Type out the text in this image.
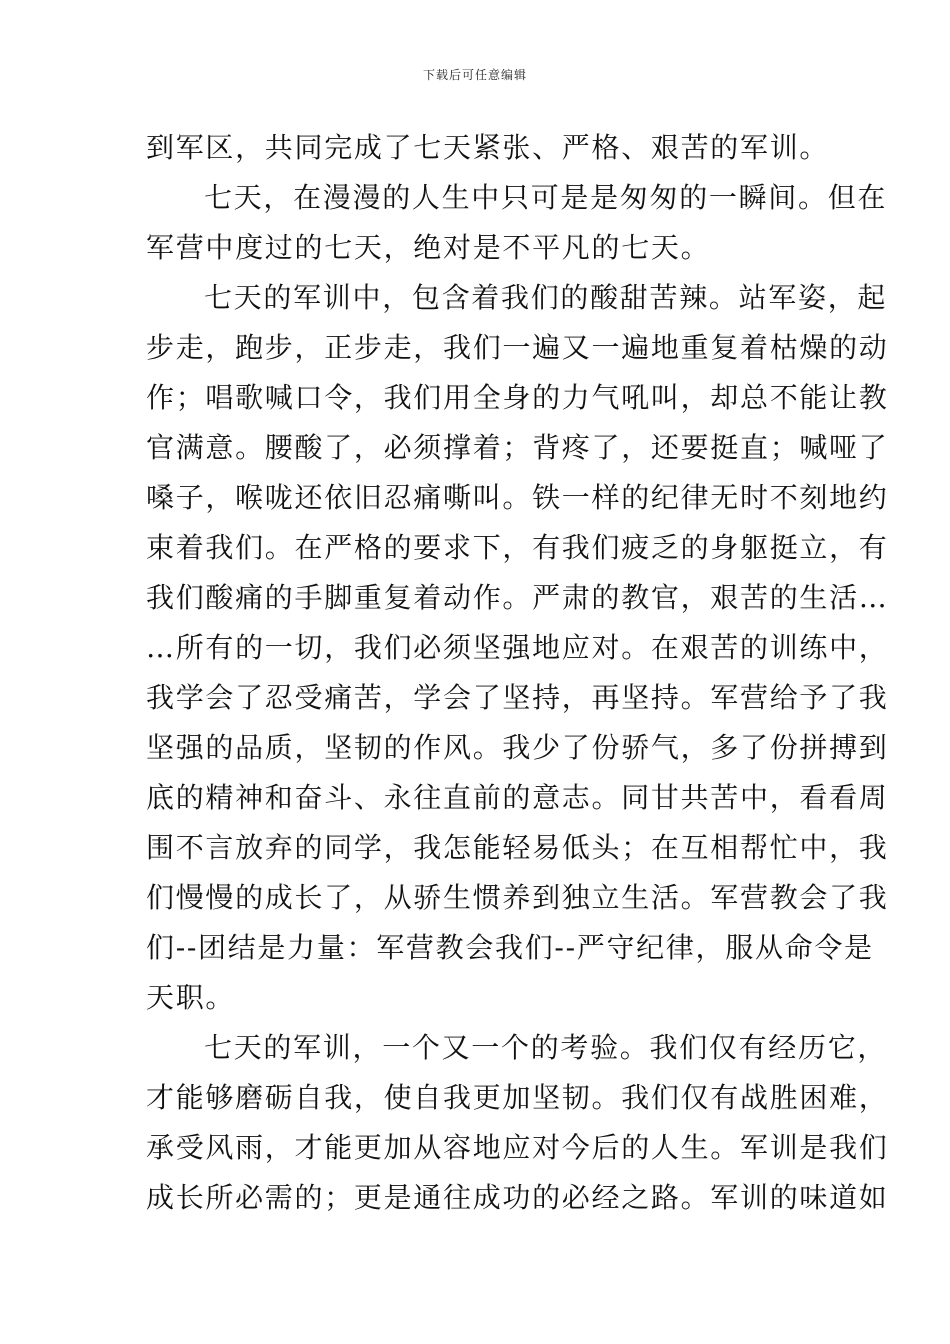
下载后可任意编辑
到军区，共同完成了七天紧张、严格、艰苦的军训。
七天，在漫漫的人生中只可是是匆匆的一瞬间。但在
军营中度过的七天，绝对是不平凡的七天。
七天的军训中，包含着我们的酸甜苦辣。站军姿，起
步走，跑步，正步走，我们一遍又一遍地重复着枯燥的动
作；唱歌喊口令，我们用全身的力气吼叫，却总不能让教
官满意。腰酸了，必须撑着；背疼了，还要挺直；喊哑了
嗓子，喉咙还依旧忍痛嘶叫。铁一样的纪律无时不刻地约
束着我们。在严格的要求下，有我们疲乏的身躯挺立，有
我们酸痛的手脚重复着动作。严肃的教官，艰苦的生活…
…所有的一切，我们必须坚强地应对。在艰苦的训练中，
我学会了忍受痛苦，学会了坚持，再坚持。军营给予了我
坚强的品质，坚韧的作风。我少了份骄气，多了份拼搏到
底的精神和奋斗、永往直前的意志。同甘共苦中，看看周
围不言放弃的同学，我怎能轻易低头；在互相帮忙中，我
们慢慢的成长了，从骄生惯养到独立生活。军营教会了我
们--团结是力量：军营教会我们--严守纪律，服从命令是
天职。
七天的军训，一个又一个的考验。我们仅有经历它，
才能够磨砺自我，使自我更加坚韧。我们仅有战胜困难，
承受风雨，才能更加从容地应对今后的人生。军训是我们
成长所必需的；更是通往成功的必经之路。军训的味道如
